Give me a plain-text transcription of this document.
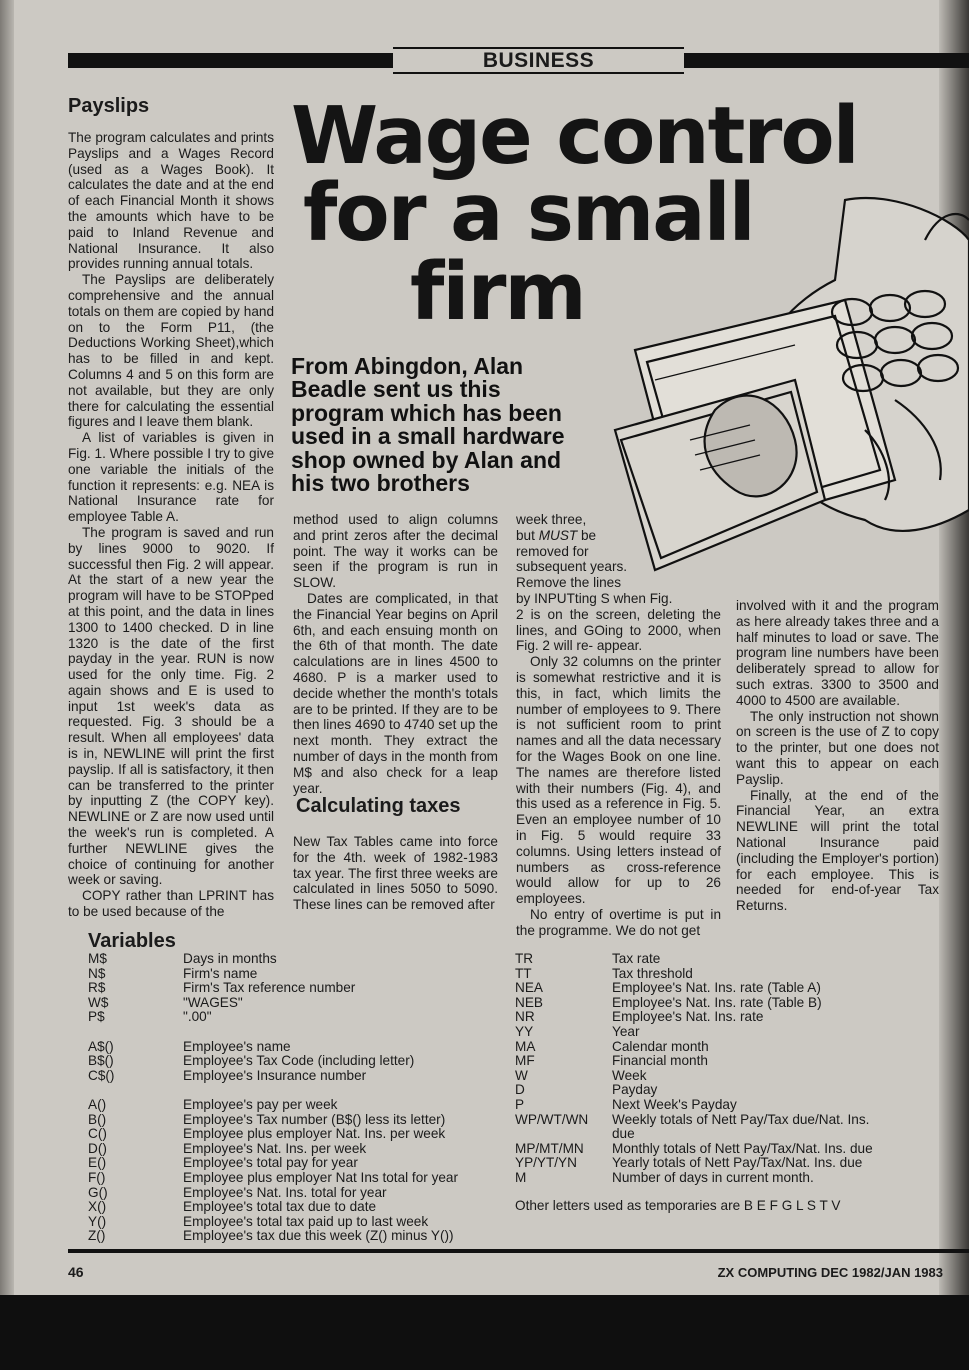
BUSINESS
Payslips

The program calculates and prints Payslips and a Wages Record (used as a Wages Book). It calculates the date and at the end of each Financial Month it shows the amounts which have to be paid to Inland Revenue and National Insurance. It also provides running annual totals.

The Payslips are deliberately comprehensive and the annual totals on them are copied by hand on to the Form P11, (the Deductions Working Sheet),which has to be filled in and kept. Columns 4 and 5 on this form are not available, but they are only there for calculating the essential figures and I leave them blank.

A list of variables is given in Fig. 1. Where possible I try to give one variable the initials of the function it represents: e.g. NEA is National Insurance rate for employee Table A.

The program is saved and run by lines 9000 to 9020. If successful then Fig. 2 will appear. At the start of a new year the program will have to be STOPped at this point, and the data in lines 1300 to 1400 checked. D in line 1320 is the date of the first payday in the year. RUN is now used for the only time. Fig. 2 again shows and E is used to input 1st week's data as requested. Fig. 3 should be a result. When all employees' data is in, NEWLINE will print the first payslip. If all is satisfactory, it then can be transferred to the printer by inputting Z (the COPY key). NEWLINE or Z are now used until the week's run is completed. A further NEWLINE gives the choice of continuing for another week or saving.

COPY rather than LPRINT has to be used because of the

Wage control
for a small
firm
From Abingdon, Alan
Beadle sent us this
program which has been
used in a small hardware
shop owned by Alan and
his two brothers

method used to align columns and print zeros after the decimal point. The way it works can be seen if the program is run in SLOW.

Dates are complicated, in that the Financial Year begins on April 6th, and each ensuing month on the 6th of that month. The date calculations are in lines 4500 to 4680. P is a marker used to decide whether the month's totals are to be printed. If they are to be then lines 4690 to 4740 set up the next month. They extract the number of days in the month from M$ and also check for a leap year.

New Tax Tables came into force for the 4th. week of 1982-1983 tax year. The first three weeks are calculated in lines 5050 to 5090. These lines can be removed after

Calculating taxes
week three,
but MUST be
removed for
subsequent years.
Remove the lines
by INPUTting S when Fig.

2 is on the screen, deleting the lines, and GOing to 2000, when Fig. 2 will re- appear.

Only 32 columns on the printer is somewhat restrictive and it is this, in fact, which limits the number of employees to 9. There is not sufficient room to print names and all the data necessary for the Wages Book on one line. The names are therefore listed with their numbers (Fig. 4), and this used as a reference in Fig. 5. Even an employee number of 10 in Fig. 5 would require 33 columns. Using letters instead of numbers as cross-reference would allow for up to 26 employees.

No entry of overtime is put in the programme. We do not get

involved with it and the program as here already takes three and a half minutes to load or save. The program line numbers have been deliberately spread to allow for such extras. 3300 to 3500 and 4000 to 4500 are available.

The only instruction not shown on screen is the use of Z to copy to the printer, but one does not want this to appear on each Payslip.

Finally, at the end of the Financial Year, an extra NEWLINE will print the total National Insurance paid (including the Employer's portion) for each employee. This is needed for end-of-year Tax Returns.

Variables
M$	Days in months
N$	Firm's name
R$	Firm's Tax reference number
W$	"WAGES"
P$	".00"
A$()	Employee's name
B$()	Employee's Tax Code (including letter)
C$()	Employee's Insurance number
A()	Employee's pay per week
B()	Employee's Tax number (B$() less its letter)
C()	Employee plus employer Nat. Ins. per week
D()	Employee's Nat. Ins. per week
E()	Employee's total pay for year
F()	Employee plus employer Nat Ins total for year
G()	Employee's Nat. Ins. total for year
X()	Employee's total tax due to date
Y()	Employee's total tax paid up to last week
Z()	Employee's tax due this week (Z() minus Y())
TR	Tax rate
TT	Tax threshold
NEA	Employee's Nat. Ins. rate (Table A)
NEB	Employee's Nat. Ins. rate (Table B)
NR	Employee's Nat. Ins. rate
YY	Year
MA	Calendar month
MF	Financial month
W	Week
D	Payday
P	Next Week's Payday
WP/WT/WN Weekly totals of Nett Pay/Tax due/Nat. Ins.
due
MP/MT/MN Monthly totals of Nett Pay/Tax/Nat. Ins. due
YP/YT/YN	Yearly totals of Nett Pay/Tax/Nat. Ins. due
M	Number of days in current month.
Other letters used as temporaries are B E F G L S T V
46	ZX COMPUTING DEC 1982/JAN 1983
